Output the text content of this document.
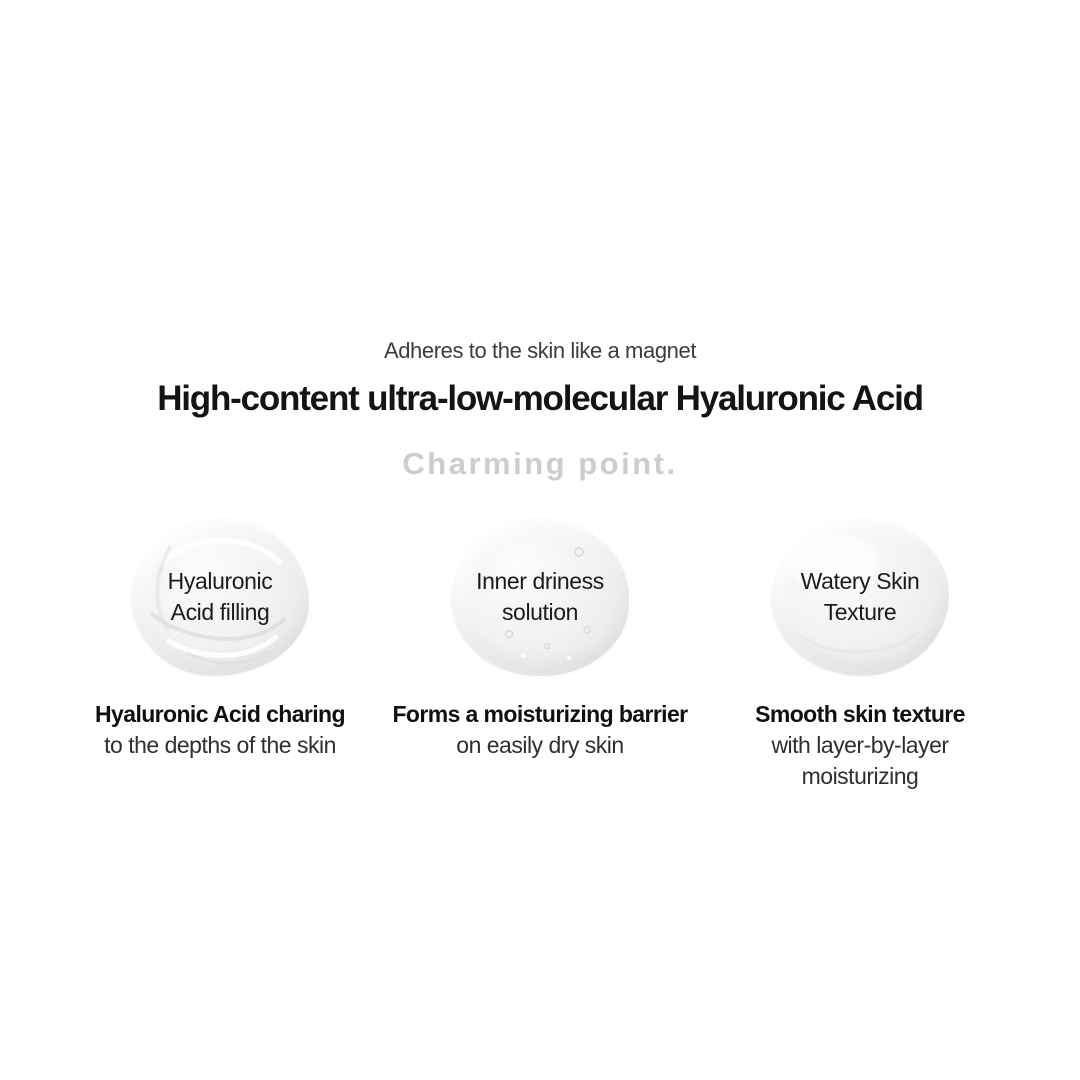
Adheres to the skin like a magnet
High-content ultra-low-molecular Hyaluronic Acid
Charming point.
Hyaluronic
Acid filling
Hyaluronic Acid charing
to the depths of the skin
Inner driness
solution
Forms a moisturizing barrier
on easily dry skin
Watery Skin
Texture
Smooth skin texture
with layer-by-layer
moisturizing
